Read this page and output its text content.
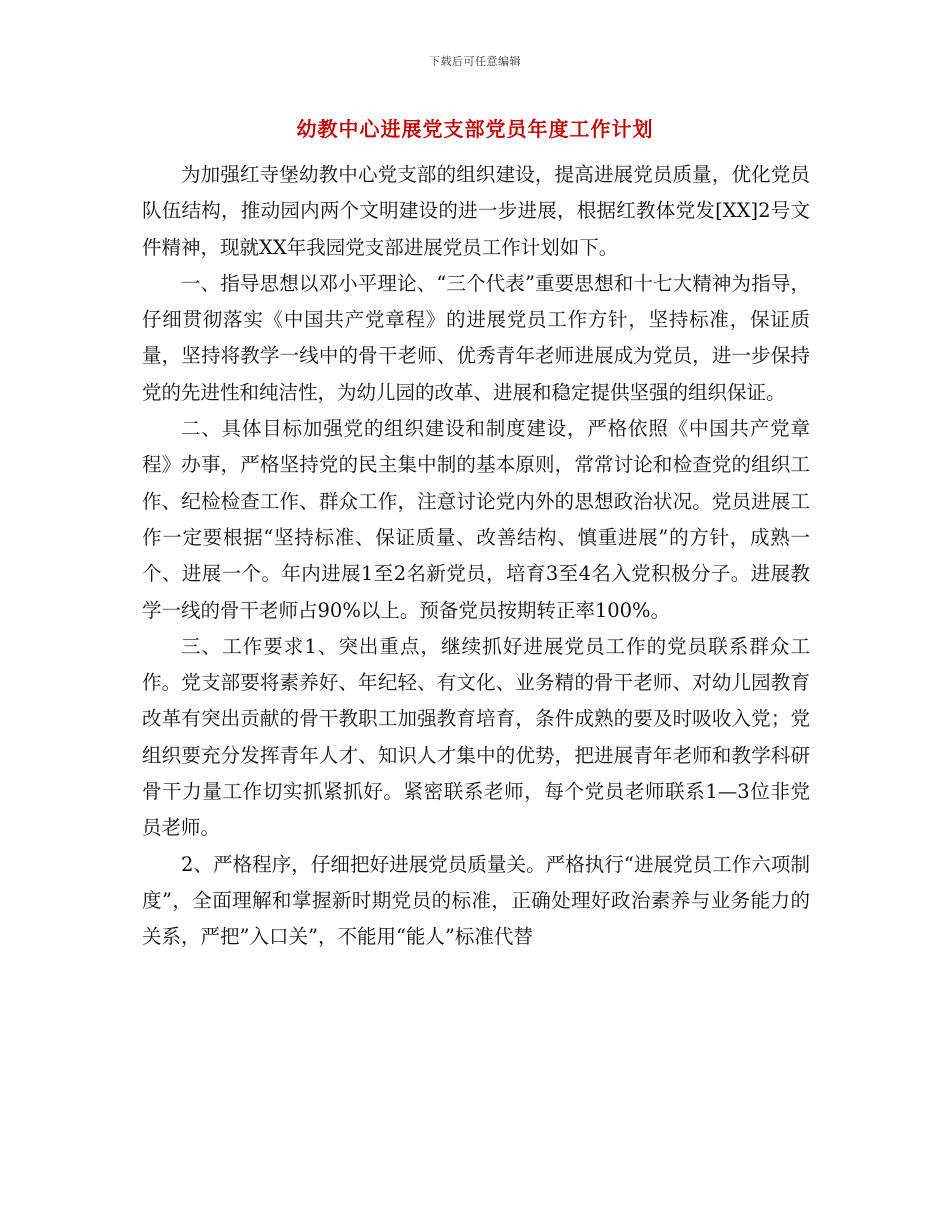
下载后可任意编辑
幼教中心进展党支部党员年度工作计划

为加强红寺堡幼教中心党支部的组织建设，提高进展党员质量，优化党员队伍结构，推动园内两个文明建设的进一步进展，根据红教体党发[XX]2号文件精神，现就XX年我园党支部进展党员工作计划如下。

一、指导思想以邓小平理论、“三个代表”重要思想和十七大精神为指导，仔细贯彻落实《中国共产党章程》的进展党员工作方针，坚持标准，保证质量，坚持将教学一线中的骨干老师、优秀青年老师进展成为党员，进一步保持党的先进性和纯洁性，为幼儿园的改革、进展和稳定提供坚强的组织保证。

二、具体目标加强党的组织建设和制度建设，严格依照《中国共产党章程》办事，严格坚持党的民主集中制的基本原则，常常讨论和检查党的组织工作、纪检检查工作、群众工作，注意讨论党内外的思想政治状况。党员进展工作一定要根据“坚持标准、保证质量、改善结构、慎重进展”的方针，成熟一个、进展一个。年内进展1至2名新党员，培育3至4名入党积极分子。进展教学一线的骨干老师占90%以上。预备党员按期转正率100%。

三、工作要求1、突出重点，继续抓好进展党员工作的党员联系群众工作。党支部要将素养好、年纪轻、有文化、业务精的骨干老师、对幼儿园教育改革有突出贡献的骨干教职工加强教育培育，条件成熟的要及时吸收入党；党组织要充分发挥青年人才、知识人才集中的优势，把进展青年老师和教学科研骨干力量工作切实抓紧抓好。紧密联系老师，每个党员老师联系1—3位非党员老师。

2、严格程序，仔细把好进展党员质量关。严格执行“进展党员工作六项制度”，全面理解和掌握新时期党员的标准，正确处理好政治素养与业务能力的关系，严把”入口关”，不能用“能人”标准代替
